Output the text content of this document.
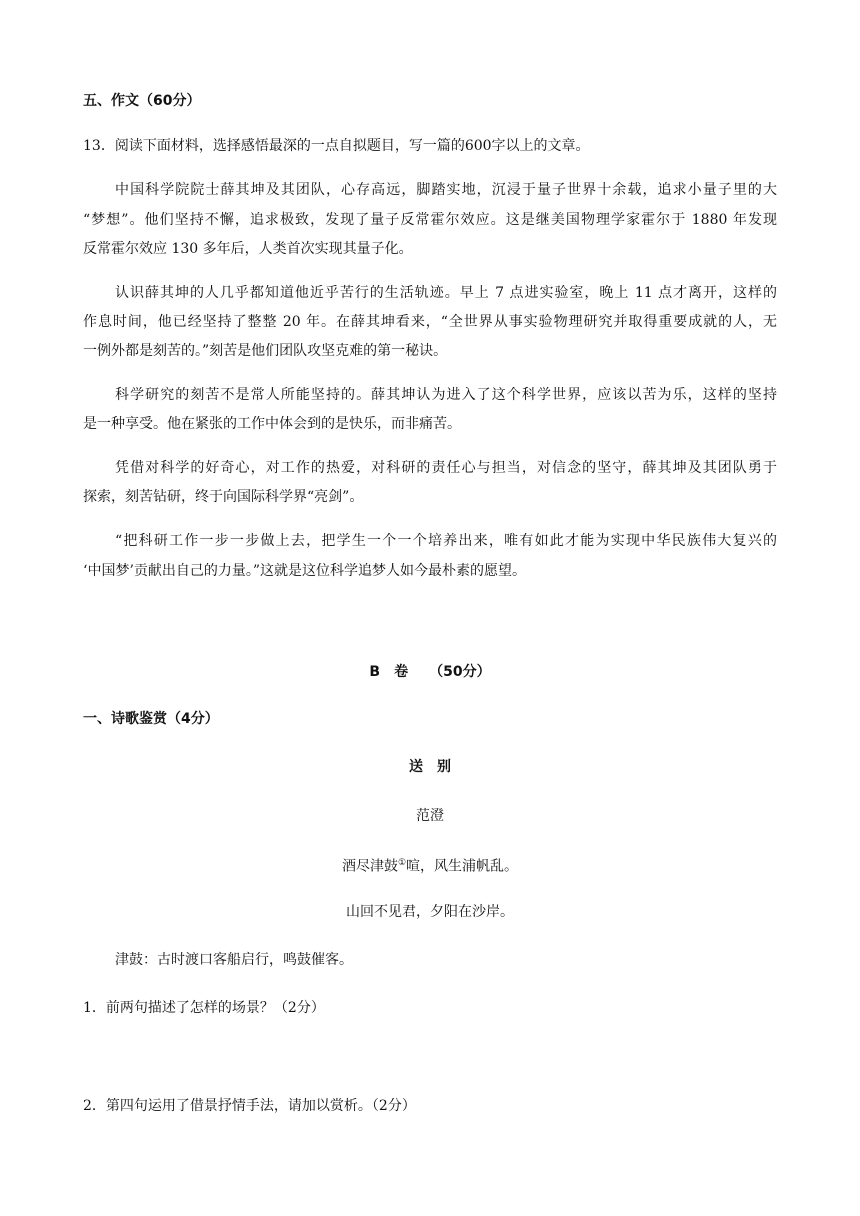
五、作文（60分）
13．阅读下面材料，选择感悟最深的一点自拟题目，写一篇的600字以上的文章。
中国科学院院士薛其坤及其团队，心存高远，脚踏实地，沉浸于量子世界十余载，追求小量子里的大
“梦想”。他们坚持不懈，追求极致，发现了量子反常霍尔效应。这是继美国物理学家霍尔于 1880 年发现
反常霍尔效应 130 多年后，人类首次实现其量子化。
认识薛其坤的人几乎都知道他近乎苦行的生活轨迹。早上 7 点进实验室，晚上 11 点才离开，这样的
作息时间，他已经坚持了整整 20 年。在薛其坤看来，“全世界从事实验物理研究并取得重要成就的人，无
一例外都是刻苦的。”刻苦是他们团队攻坚克难的第一秘诀。
科学研究的刻苦不是常人所能坚持的。薛其坤认为进入了这个科学世界，应该以苦为乐，这样的坚持
是一种享受。他在紧张的工作中体会到的是快乐，而非痛苦。
凭借对科学的好奇心，对工作的热爱，对科研的责任心与担当，对信念的坚守，薛其坤及其团队勇于
探索，刻苦钻研，终于向国际科学界“亮剑”。
“把科研工作一步一步做上去，把学生一个一个培养出来，唯有如此才能为实现中华民族伟大复兴的
‘中国梦’贡献出自己的力量。”这就是这位科学追梦人如今最朴素的愿望。
B　卷　　（50分）
一、诗歌鉴赏（4分）
送　别
范澄
酒尽津鼓①喧，风生浦帆乱。
山回不见君，夕阳在沙岸。
津鼓：古时渡口客船启行，鸣鼓催客。
1．前两句描述了怎样的场景？（2分）
2．第四句运用了借景抒情手法，请加以赏析。（2分）
